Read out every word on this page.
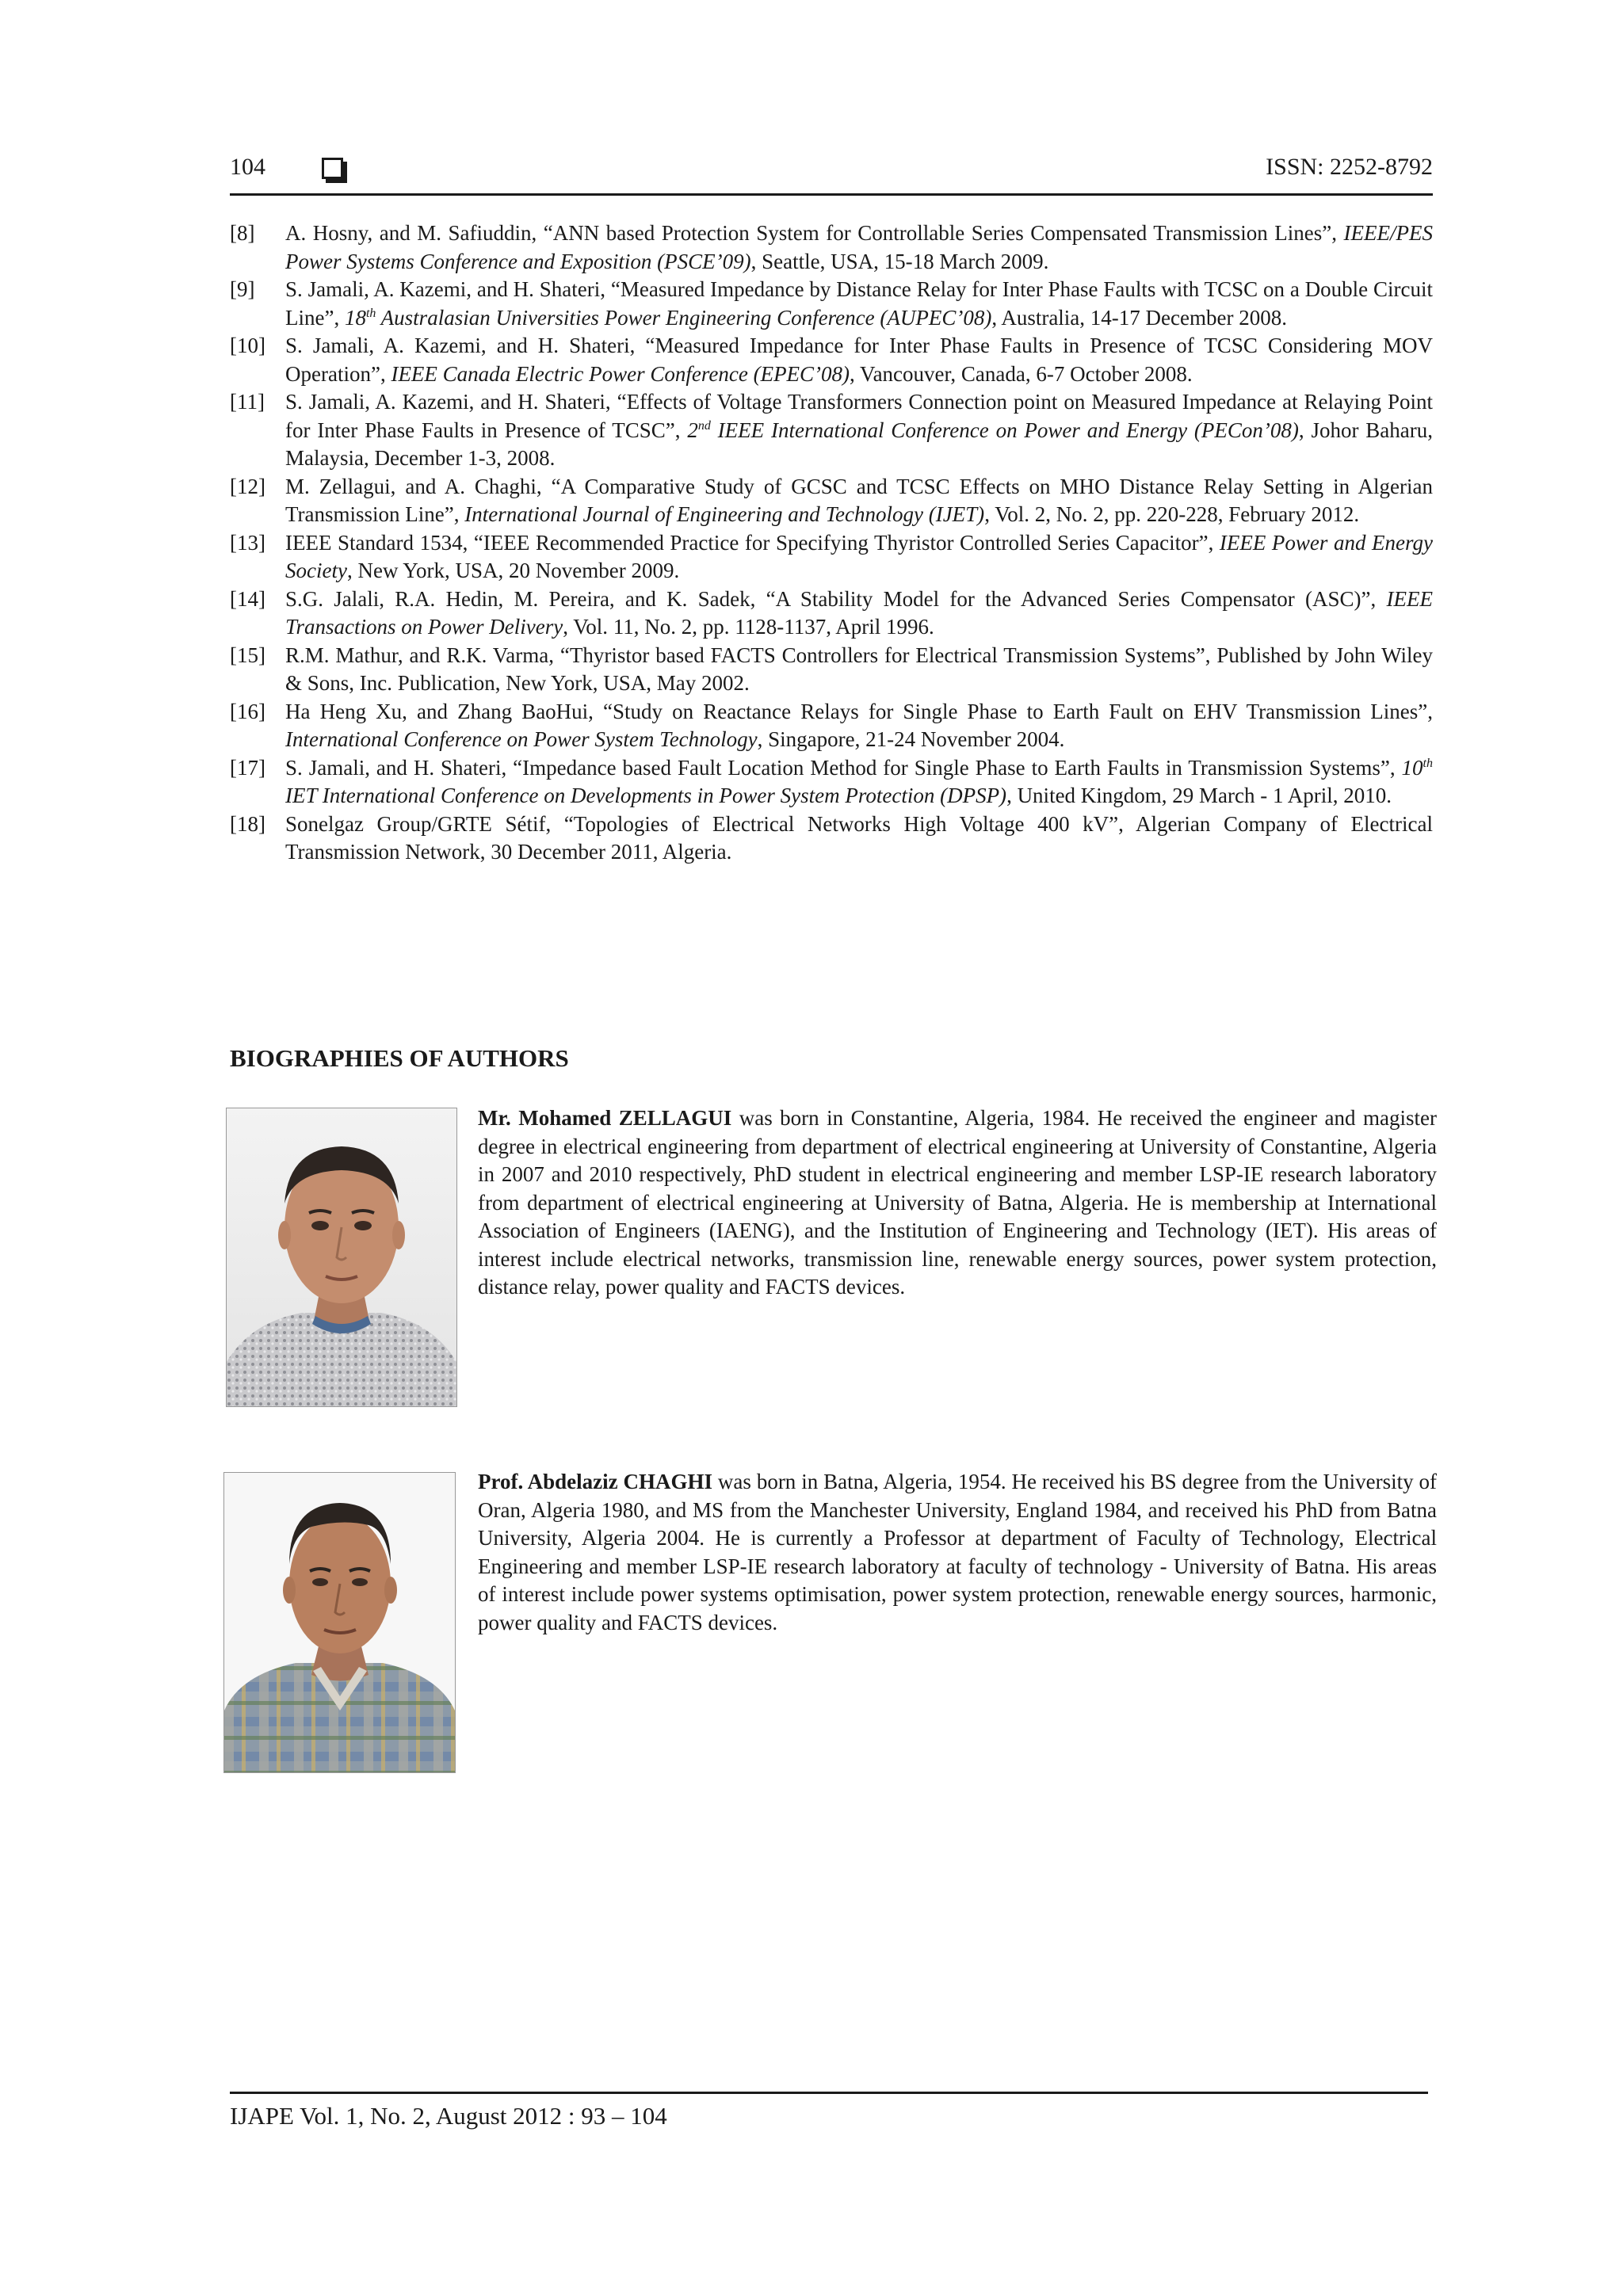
104	ISSN: 2252-8792
[8]	A. Hosny, and M. Safiuddin, “ANN based Protection System for Controllable Series Compensated Transmission Lines”, IEEE/PES Power Systems Conference and Exposition (PSCE’09), Seattle, USA, 15-18 March 2009.
[9]	S. Jamali, A. Kazemi, and H. Shateri, “Measured Impedance by Distance Relay for Inter Phase Faults with TCSC on a Double Circuit Line”, 18th Australasian Universities Power Engineering Conference (AUPEC’08), Australia, 14-17 December 2008.
[10] S. Jamali, A. Kazemi, and H. Shateri, “Measured Impedance for Inter Phase Faults in Presence of TCSC Considering MOV Operation”, IEEE Canada Electric Power Conference (EPEC’08), Vancouver, Canada, 6-7 October 2008.
[11] S. Jamali, A. Kazemi, and H. Shateri, “Effects of Voltage Transformers Connection point on Measured Impedance at Relaying Point for Inter Phase Faults in Presence of TCSC”, 2nd IEEE International Conference on Power and Energy (PECon’08), Johor Baharu, Malaysia, December 1-3, 2008.
[12] M. Zellagui, and A. Chaghi, “A Comparative Study of GCSC and TCSC Effects on MHO Distance Relay Setting in Algerian Transmission Line”, International Journal of Engineering and Technology (IJET), Vol. 2, No. 2, pp. 220-228, February 2012.
[13] IEEE Standard 1534, “IEEE Recommended Practice for Specifying Thyristor Controlled Series Capacitor”, IEEE Power and Energy Society, New York, USA, 20 November 2009.
[14] S.G. Jalali, R.A. Hedin, M. Pereira, and K. Sadek, “A Stability Model for the Advanced Series Compensator (ASC)”, IEEE Transactions on Power Delivery, Vol. 11, No. 2, pp. 1128-1137, April 1996.
[15] R.M. Mathur, and R.K. Varma, “Thyristor based FACTS Controllers for Electrical Transmission Systems”, Published by John Wiley & Sons, Inc. Publication, New York, USA, May 2002.
[16] Ha Heng Xu, and Zhang BaoHui, “Study on Reactance Relays for Single Phase to Earth Fault on EHV Transmission Lines”, International Conference on Power System Technology, Singapore, 21-24 November 2004.
[17] S. Jamali, and H. Shateri, “Impedance based Fault Location Method for Single Phase to Earth Faults in Transmission Systems”, 10th IET International Conference on Developments in Power System Protection (DPSP), United Kingdom, 29 March - 1 April, 2010.
[18] Sonelgaz Group/GRTE Sétif, “Topologies of Electrical Networks High Voltage 400 kV”, Algerian Company of Electrical Transmission Network, 30 December 2011, Algeria.
BIOGRAPHIES OF AUTHORS

Mr. Mohamed ZELLAGUI was born in Constantine, Algeria, 1984. He received the engineer and magister degree in electrical engineering from department of electrical engineering at University of Constantine, Algeria in 2007 and 2010 respectively, PhD student in electrical engineering and member LSP-IE research laboratory from department of electrical engineering at University of Batna, Algeria. He is membership at International Association of Engineers (IAENG), and the Institution of Engineering and Technology (IET). His areas of interest include electrical networks, transmission line, renewable energy sources, power system protection, distance relay, power quality and FACTS devices.

Prof. Abdelaziz CHAGHI was born in Batna, Algeria, 1954. He received his BS degree from the University of Oran, Algeria 1980, and MS from the Manchester University, England 1984, and received his PhD from Batna University, Algeria 2004. He is currently a Professor at department of Faculty of Technology, Electrical Engineering and member LSP-IE research laboratory at faculty of technology - University of Batna. His areas of interest include power systems optimisation, power system protection, renewable energy sources, harmonic, power quality and FACTS devices.

IJAPE Vol. 1, No. 2, August 2012 : 93 – 104
